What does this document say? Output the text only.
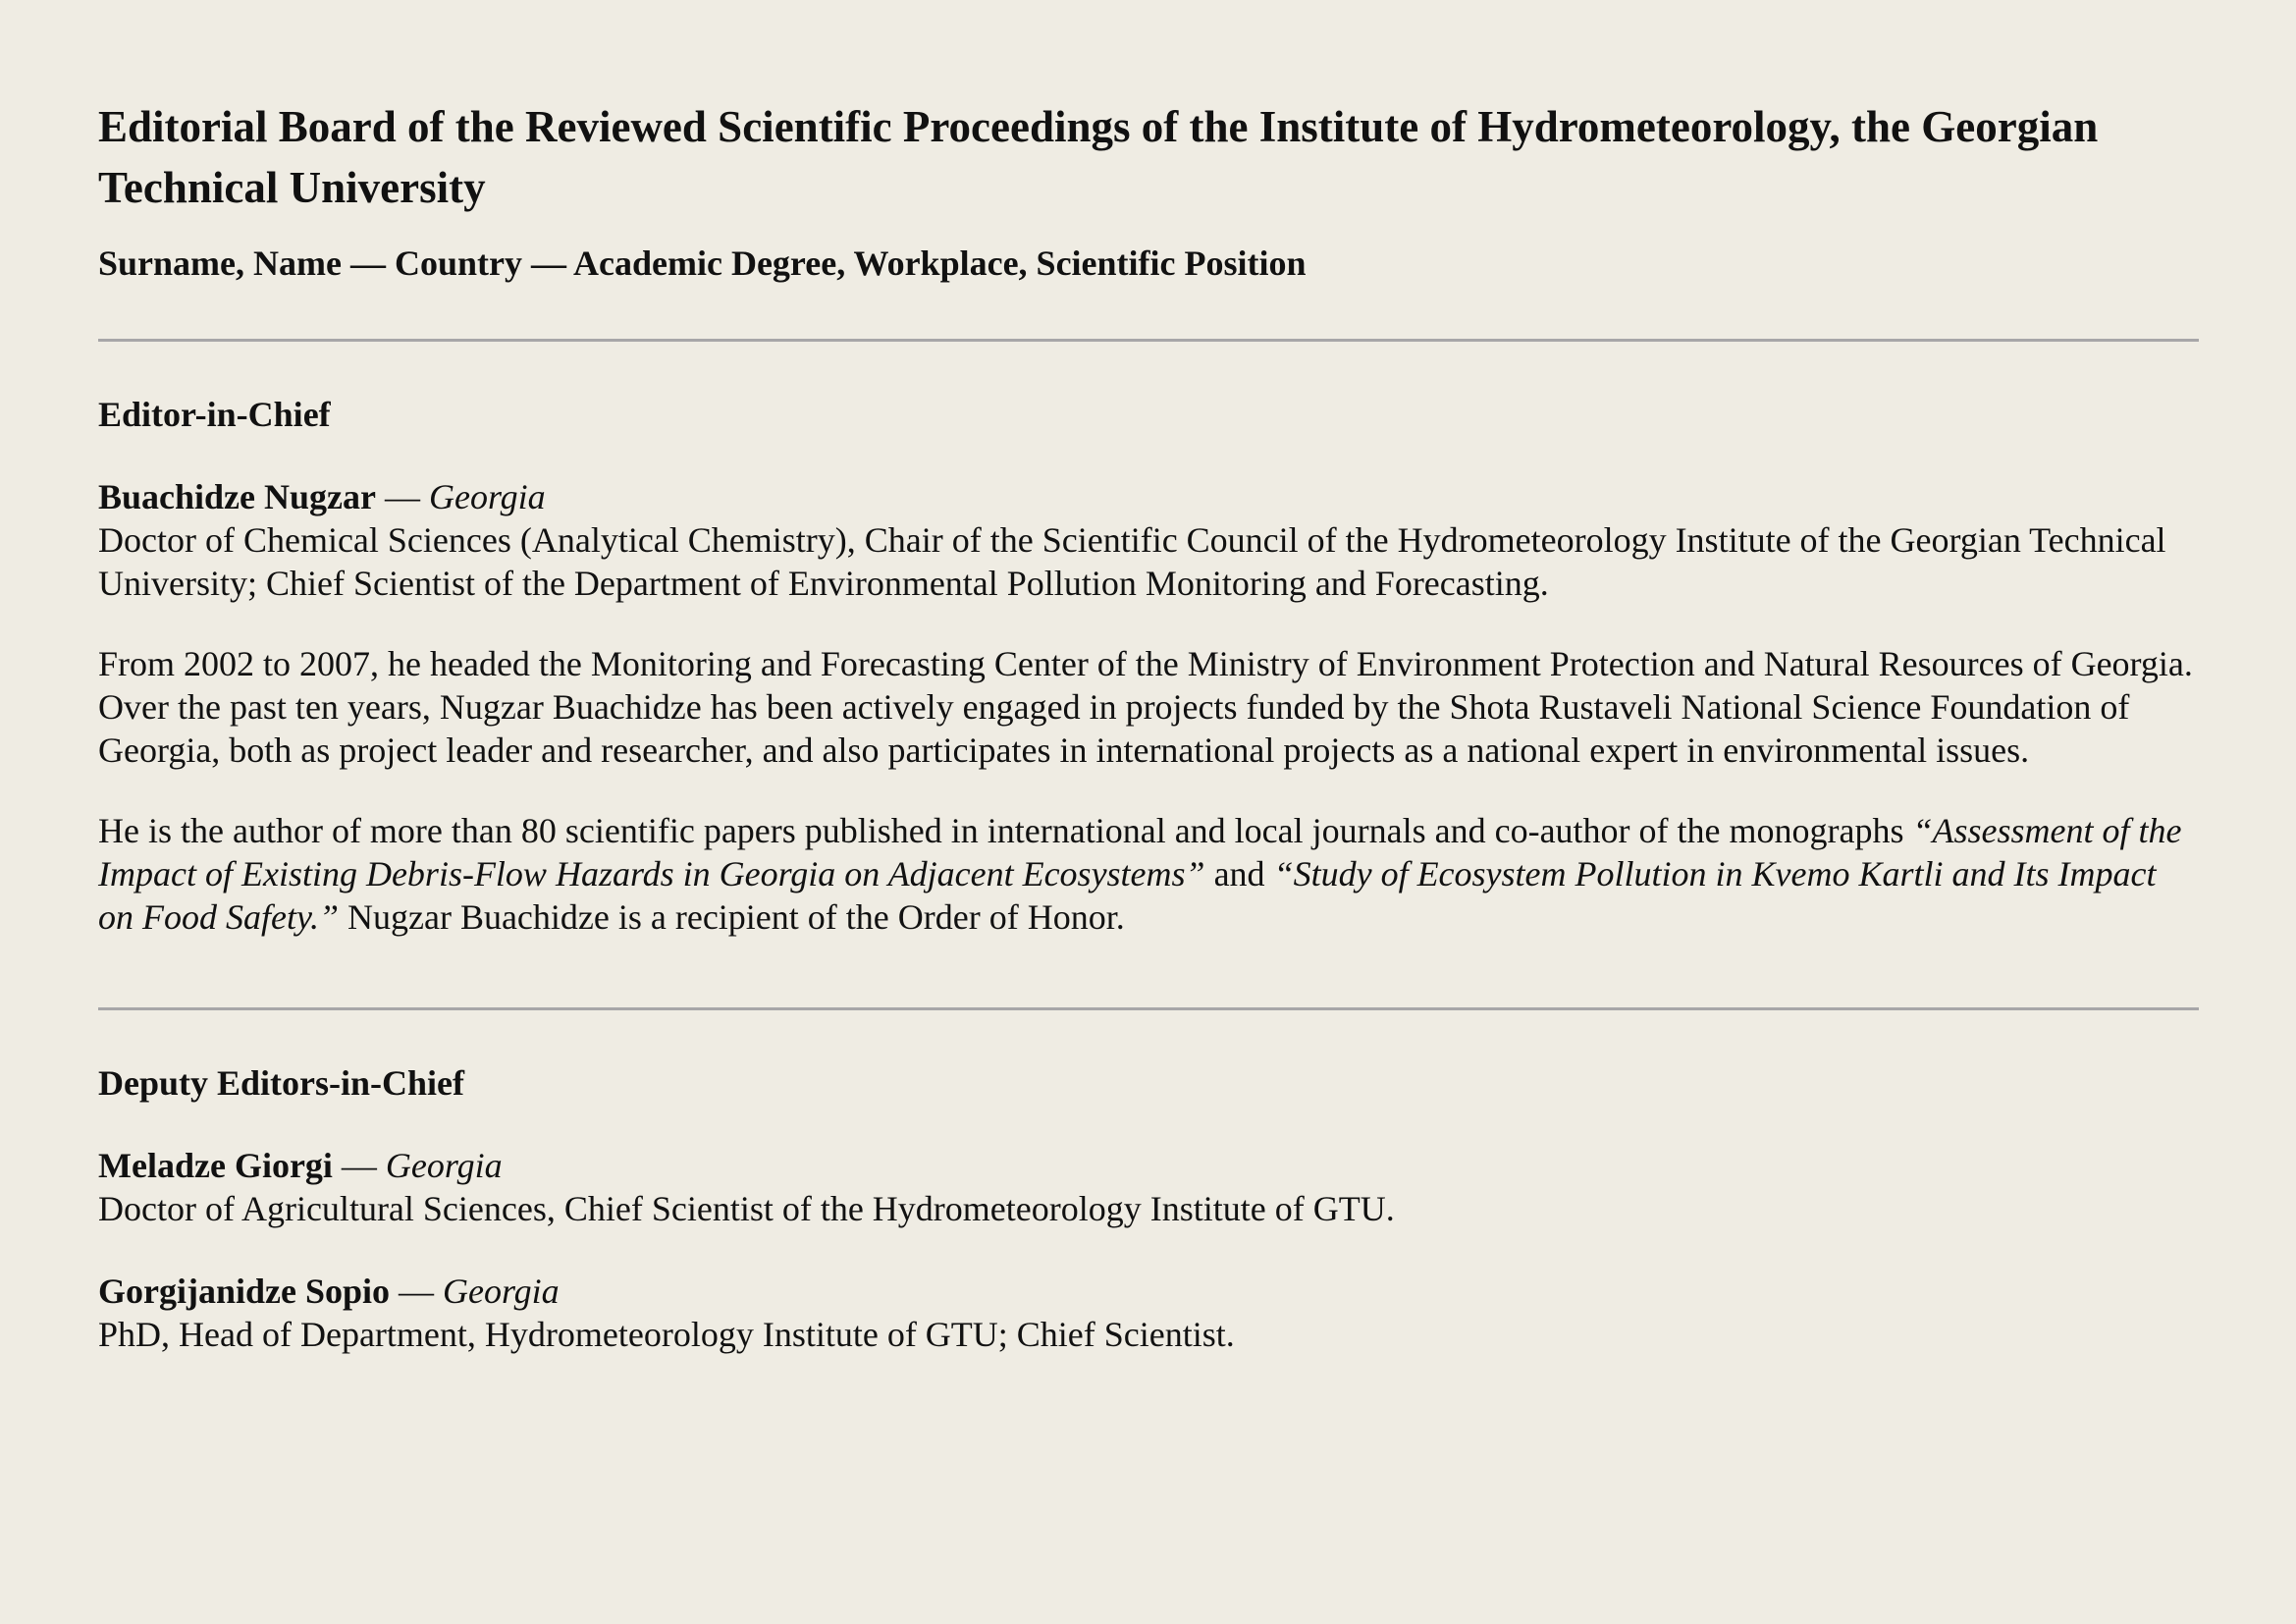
Editorial Board of the Reviewed Scientific Proceedings of the Institute of Hydrometeorology, the Georgian Technical University
Surname, Name — Country — Academic Degree, Workplace, Scientific Position
Editor-in-Chief
Buachidze Nugzar — Georgia
Doctor of Chemical Sciences (Analytical Chemistry), Chair of the Scientific Council of the Hydrometeorology Institute of the Georgian Technical University; Chief Scientist of the Department of Environmental Pollution Monitoring and Forecasting.

From 2002 to 2007, he headed the Monitoring and Forecasting Center of the Ministry of Environment Protection and Natural Resources of Georgia. Over the past ten years, Nugzar Buachidze has been actively engaged in projects funded by the Shota Rustaveli National Science Foundation of Georgia, both as project leader and researcher, and also participates in international projects as a national expert in environmental issues.

He is the author of more than 80 scientific papers published in international and local journals and co-author of the monographs “Assessment of the Impact of Existing Debris-Flow Hazards in Georgia on Adjacent Ecosystems” and “Study of Ecosystem Pollution in Kvemo Kartli and Its Impact on Food Safety.” Nugzar Buachidze is a recipient of the Order of Honor.

Deputy Editors-in-Chief
Meladze Giorgi — Georgia
Doctor of Agricultural Sciences, Chief Scientist of the Hydrometeorology Institute of GTU.
Gorgijanidze Sopio — Georgia
PhD, Head of Department, Hydrometeorology Institute of GTU; Chief Scientist.
